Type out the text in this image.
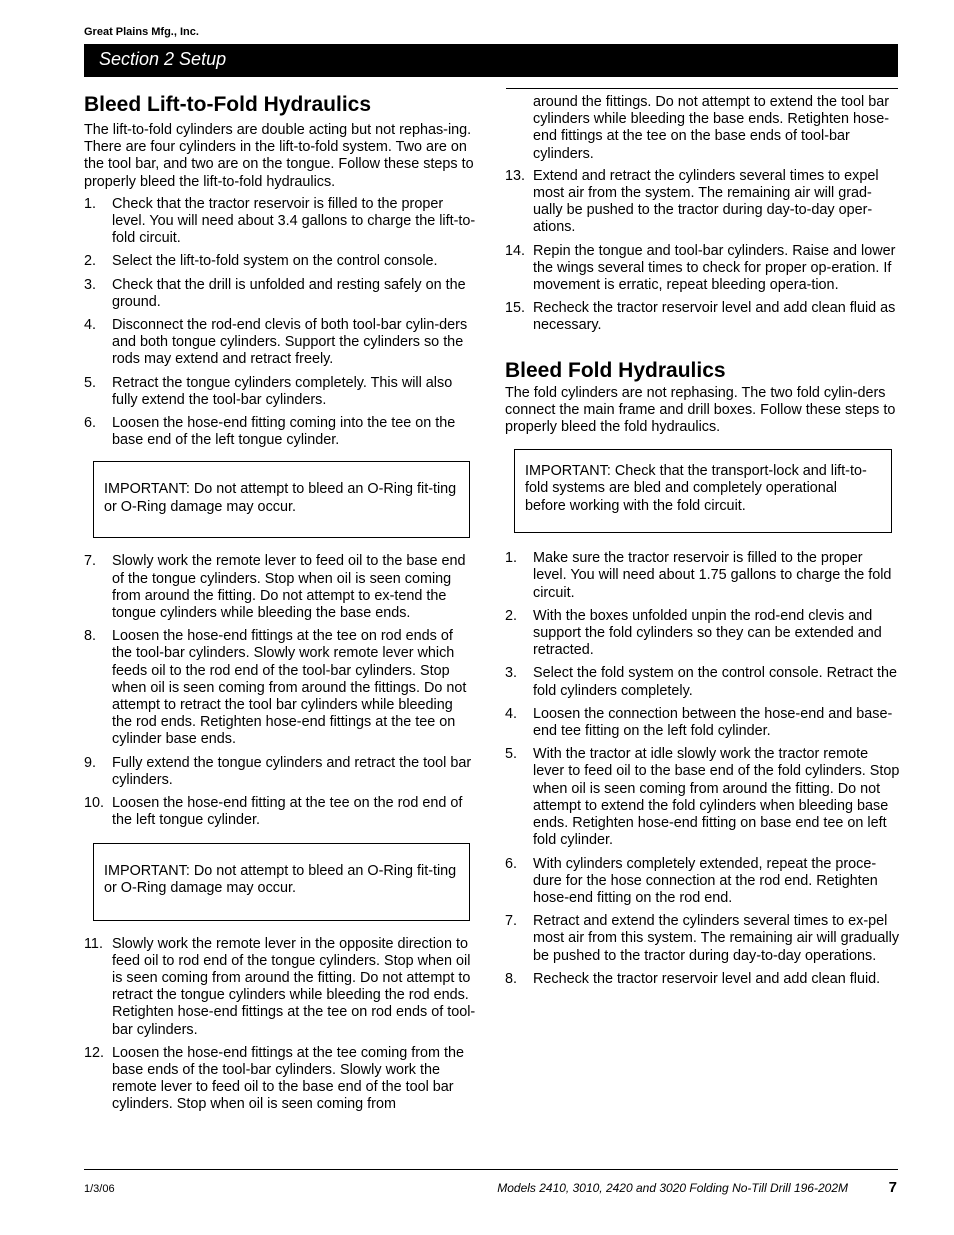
Great Plains Mfg., Inc.
Section 2 Setup
Bleed Lift-to-Fold Hydraulics

The lift-to-fold cylinders are double acting but not rephas-ing. There are four cylinders in the lift-to-fold system. Two are on the tool bar, and two are on the tongue. Follow these steps to properly bleed the lift-to-fold hydraulics.

1. Check that the tractor reservoir is filled to the proper level. You will need about 3.4 gallons to charge the lift-to-fold circuit.
2. Select the lift-to-fold system on the control console.
3. Check that the drill is unfolded and resting safely on the ground.
4. Disconnect the rod-end clevis of both tool-bar cylin-ders and both tongue cylinders. Support the cylinders so the rods may extend and retract freely.
5. Retract the tongue cylinders completely. This will also fully extend the tool-bar cylinders.
6. Loosen the hose-end fitting coming into the tee on the base end of the left tongue cylinder.

IMPORTANT: Do not attempt to bleed an O-Ring fit-ting or O-Ring damage may occur.

7. Slowly work the remote lever to feed oil to the base end of the tongue cylinders. Stop when oil is seen coming from around the fitting. Do not attempt to ex-tend the tongue cylinders while bleeding the base ends.
8. Loosen the hose-end fittings at the tee on rod ends of the tool-bar cylinders. Slowly work remote lever which feeds oil to the rod end of the tool-bar cylinders. Stop when oil is seen coming from around the fittings. Do not attempt to retract the tool bar cylinders while bleeding the rod ends. Retighten hose-end fittings at the tee on cylinder base ends.
9. Fully extend the tongue cylinders and retract the tool bar cylinders.
10. Loosen the hose-end fitting at the tee on the rod end of the left tongue cylinder.

IMPORTANT: Do not attempt to bleed an O-Ring fit-ting or O-Ring damage may occur.

11. Slowly work the remote lever in the opposite direction to feed oil to rod end of the tongue cylinders. Stop when oil is seen coming from around the fitting. Do not attempt to retract the tongue cylinders while bleeding the rod ends. Retighten hose-end fittings at the tee on rod ends of tool-bar cylinders.
12. Loosen the hose-end fittings at the tee coming from the base ends of the tool-bar cylinders. Slowly work the remote lever to feed oil to the base end of the tool bar cylinders. Stop when oil is seen coming from

around the fittings. Do not attempt to extend the tool bar cylinders while bleeding the base ends. Retighten hose-end fittings at the tee on the base ends of tool-bar cylinders.

13. Extend and retract the cylinders several times to expel most air from the system. The remaining air will grad-ually be pushed to the tractor during day-to-day oper-ations.
14. Repin the tongue and tool-bar cylinders. Raise and lower the wings several times to check for proper op-eration. If movement is erratic, repeat bleeding opera-tion.
15. Recheck the tractor reservoir level and add clean fluid as necessary.
Bleed Fold Hydraulics

The fold cylinders are not rephasing. The two fold cylin-ders connect the main frame and drill boxes. Follow these steps to properly bleed the fold hydraulics.

IMPORTANT: Check that the transport-lock and lift-to-fold systems are bled and completely operational before working with the fold circuit.

1. Make sure the tractor reservoir is filled to the proper level. You will need about 1.75 gallons to charge the fold circuit.
2. With the boxes unfolded unpin the rod-end clevis and support the fold cylinders so they can be extended and retracted.
3. Select the fold system on the control console. Retract the fold cylinders completely.
4. Loosen the connection between the hose-end and base-end tee fitting on the left fold cylinder.
5. With the tractor at idle slowly work the tractor remote lever to feed oil to the base end of the fold cylinders. Stop when oil is seen coming from around the fitting. Do not attempt to extend the fold cylinders when bleeding base ends. Retighten hose-end fitting on base end tee on left fold cylinder.
6. With cylinders completely extended, repeat the proce-dure for the hose connection at the rod end. Retighten hose-end fitting on the rod end.
7. Retract and extend the cylinders several times to ex-pel most air from this system. The remaining air will gradually be pushed to the tractor during day-to-day operations.
8. Recheck the tractor reservoir level and add clean fluid.
1/3/06	Models 2410, 3010, 2420 and 3020 Folding No-Till Drill 196-202M	7
